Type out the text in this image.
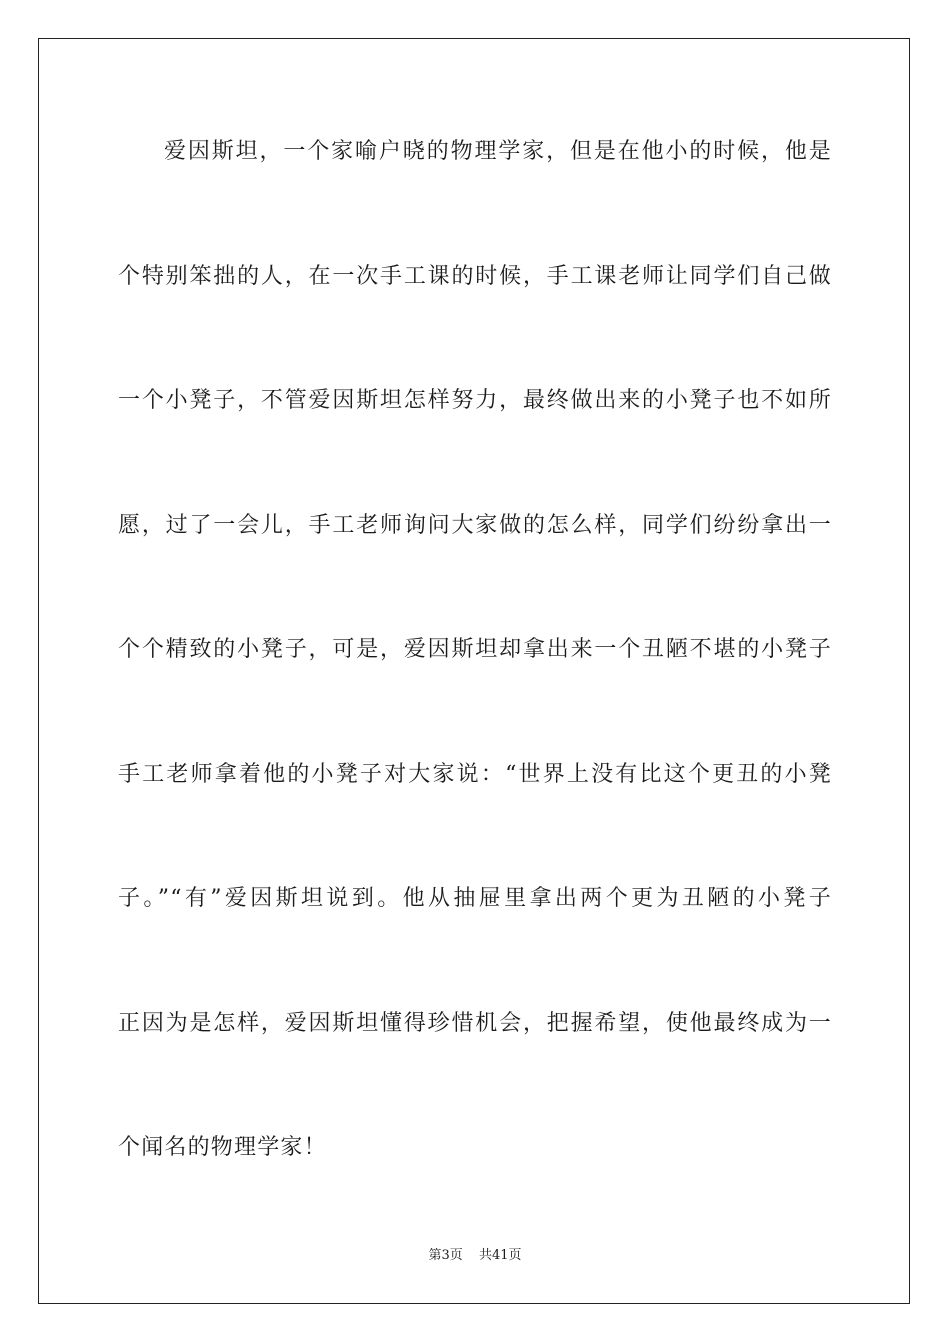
爱因斯坦，一个家喻户晓的物理学家，但是在他小的时候，他是
个特别笨拙的人，在一次手工课的时候，手工课老师让同学们自己做
一个小凳子，不管爱因斯坦怎样努力，最终做出来的小凳子也不如所
愿，过了一会儿，手工老师询问大家做的怎么样，同学们纷纷拿出一
个个精致的小凳子，可是，爱因斯坦却拿出来一个丑陋不堪的小凳子
手工老师拿着他的小凳子对大家说：“世界上没有比这个更丑的小凳
子。”“有”爱因斯坦说到。他从抽屉里拿出两个更为丑陋的小凳子
正因为是怎样，爱因斯坦懂得珍惜机会，把握希望，使他最终成为一
个闻名的物理学家！
第3页 共41页
